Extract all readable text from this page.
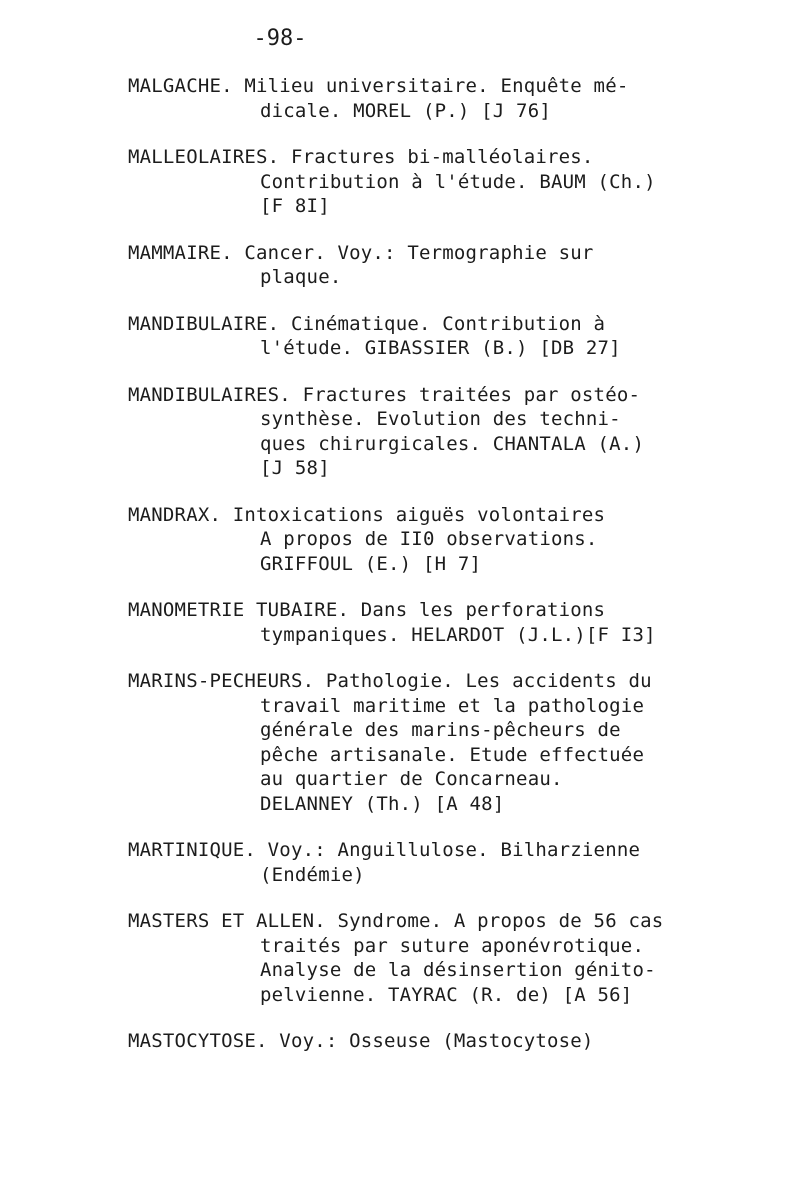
-98-
MALGACHE. Milieu universitaire. Enquête mé-
dicale. MOREL (P.) [J 76]
MALLEOLAIRES. Fractures bi-malléolaires.
Contribution à l'étude. BAUM (Ch.)
[F 8I]
MAMMAIRE. Cancer. Voy.: Termographie sur
plaque.
MANDIBULAIRE. Cinématique. Contribution à
l'étude. GIBASSIER (B.) [DB 27]
MANDIBULAIRES. Fractures traitées par ostéo-
synthèse. Evolution des techni-
ques chirurgicales. CHANTALA (A.)
[J 58]
MANDRAX. Intoxications aiguës volontaires
A propos de II0 observations.
GRIFFOUL (E.) [H 7]
MANOMETRIE TUBAIRE. Dans les perforations
tympaniques. HELARDOT (J.L.)[F I3]
MARINS-PECHEURS. Pathologie. Les accidents du
travail maritime et la pathologie
générale des marins-pêcheurs de
pêche artisanale. Etude effectuée
au quartier de Concarneau.
DELANNEY (Th.) [A 48]
MARTINIQUE. Voy.: Anguillulose. Bilharzienne
(Endémie)
MASTERS ET ALLEN. Syndrome. A propos de 56 cas
traités par suture aponévrotique.
Analyse de la désinsertion génito-
pelvienne. TAYRAC (R. de) [A 56]
MASTOCYTOSE. Voy.: Osseuse (Mastocytose)
